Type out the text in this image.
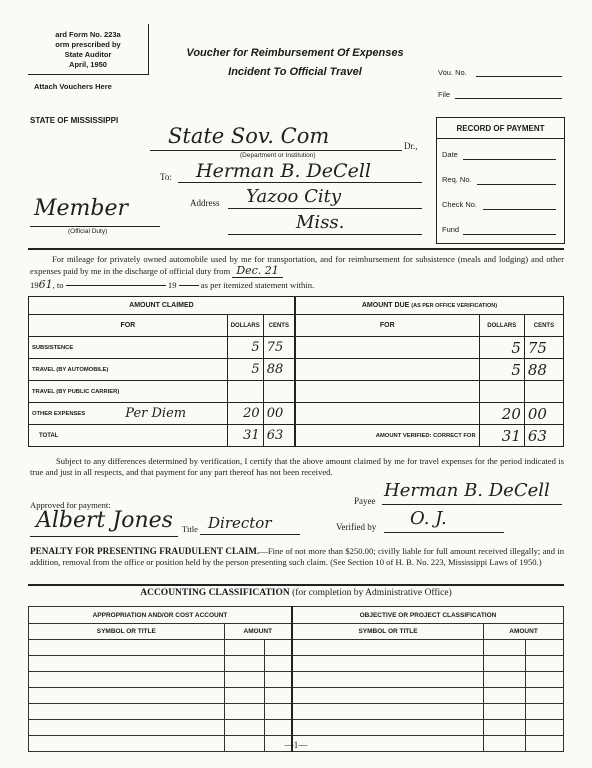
ard Form No. 223a
orm prescribed by
State Auditor
April, 1950
Attach Vouchers Here
Voucher for Reimbursement Of Expenses
Incident To Official Travel	Vou. No.
File
STATE OF MISSISSIPPI
RECORD OF PAYMENT
Date
Req. No.
Check No.
Fund
State Sov. Com	Dr.,
(Department or Institution)
To: Herman B. DeCell
Address Yazoo City
Miss.
Member
(Official Duty)
For mileage for privately owned automobile used by me for transportation, and for reimbursement for subsistence (meals and lodging) and other expenses paid by me in the discharge of official duty from Dec. 21
1961, to	19	as per itemized statement within.
AMOUNT CLAIMED				AMOUNT DUE (AS PER OFFICE VERIFICATION)		
FOR		DOLLARS	CENTS	FOR	DOLLARS	CENTS
SUBSISTENCE		5	75		5	75
TRAVEL (BY AUTOMOBILE)		5	88		5	88
TRAVEL (BY PUBLIC CARRIER)						
OTHER EXPENSES	Per Diem	20	00		20	00
TOTAL		31	63	AMOUNT VERIFIED: CORRECT FOR	31	63
Subject to any differences determined by verification, I certify that the above amount claimed by me for travel expenses for the period indicated is true and just in all respects, and that payment for any part thereof has not been received.
Payee Herman B. DeCell
Approved for payment:
Albert Jones Title Director	Verified by O. J.
PENALTY FOR PRESENTING FRAUDULENT CLAIM.—Fine of not more than $250.00; civilly liable for full amount received illegally; and in addition, removal from the office or position held by the person presenting such claim. (See Section 10 of H. B. No. 223, Mississippi Laws of 1950.)
ACCOUNTING CLASSIFICATION (for completion by Administrative Office)
APPROPRIATION AND/OR COST ACCOUNT			OBJECTIVE OR PROJECT CLASSIFICATION		
SYMBOL OR TITLE	AMOUNT		SYMBOL OR TITLE	AMOUNT	

—1—
